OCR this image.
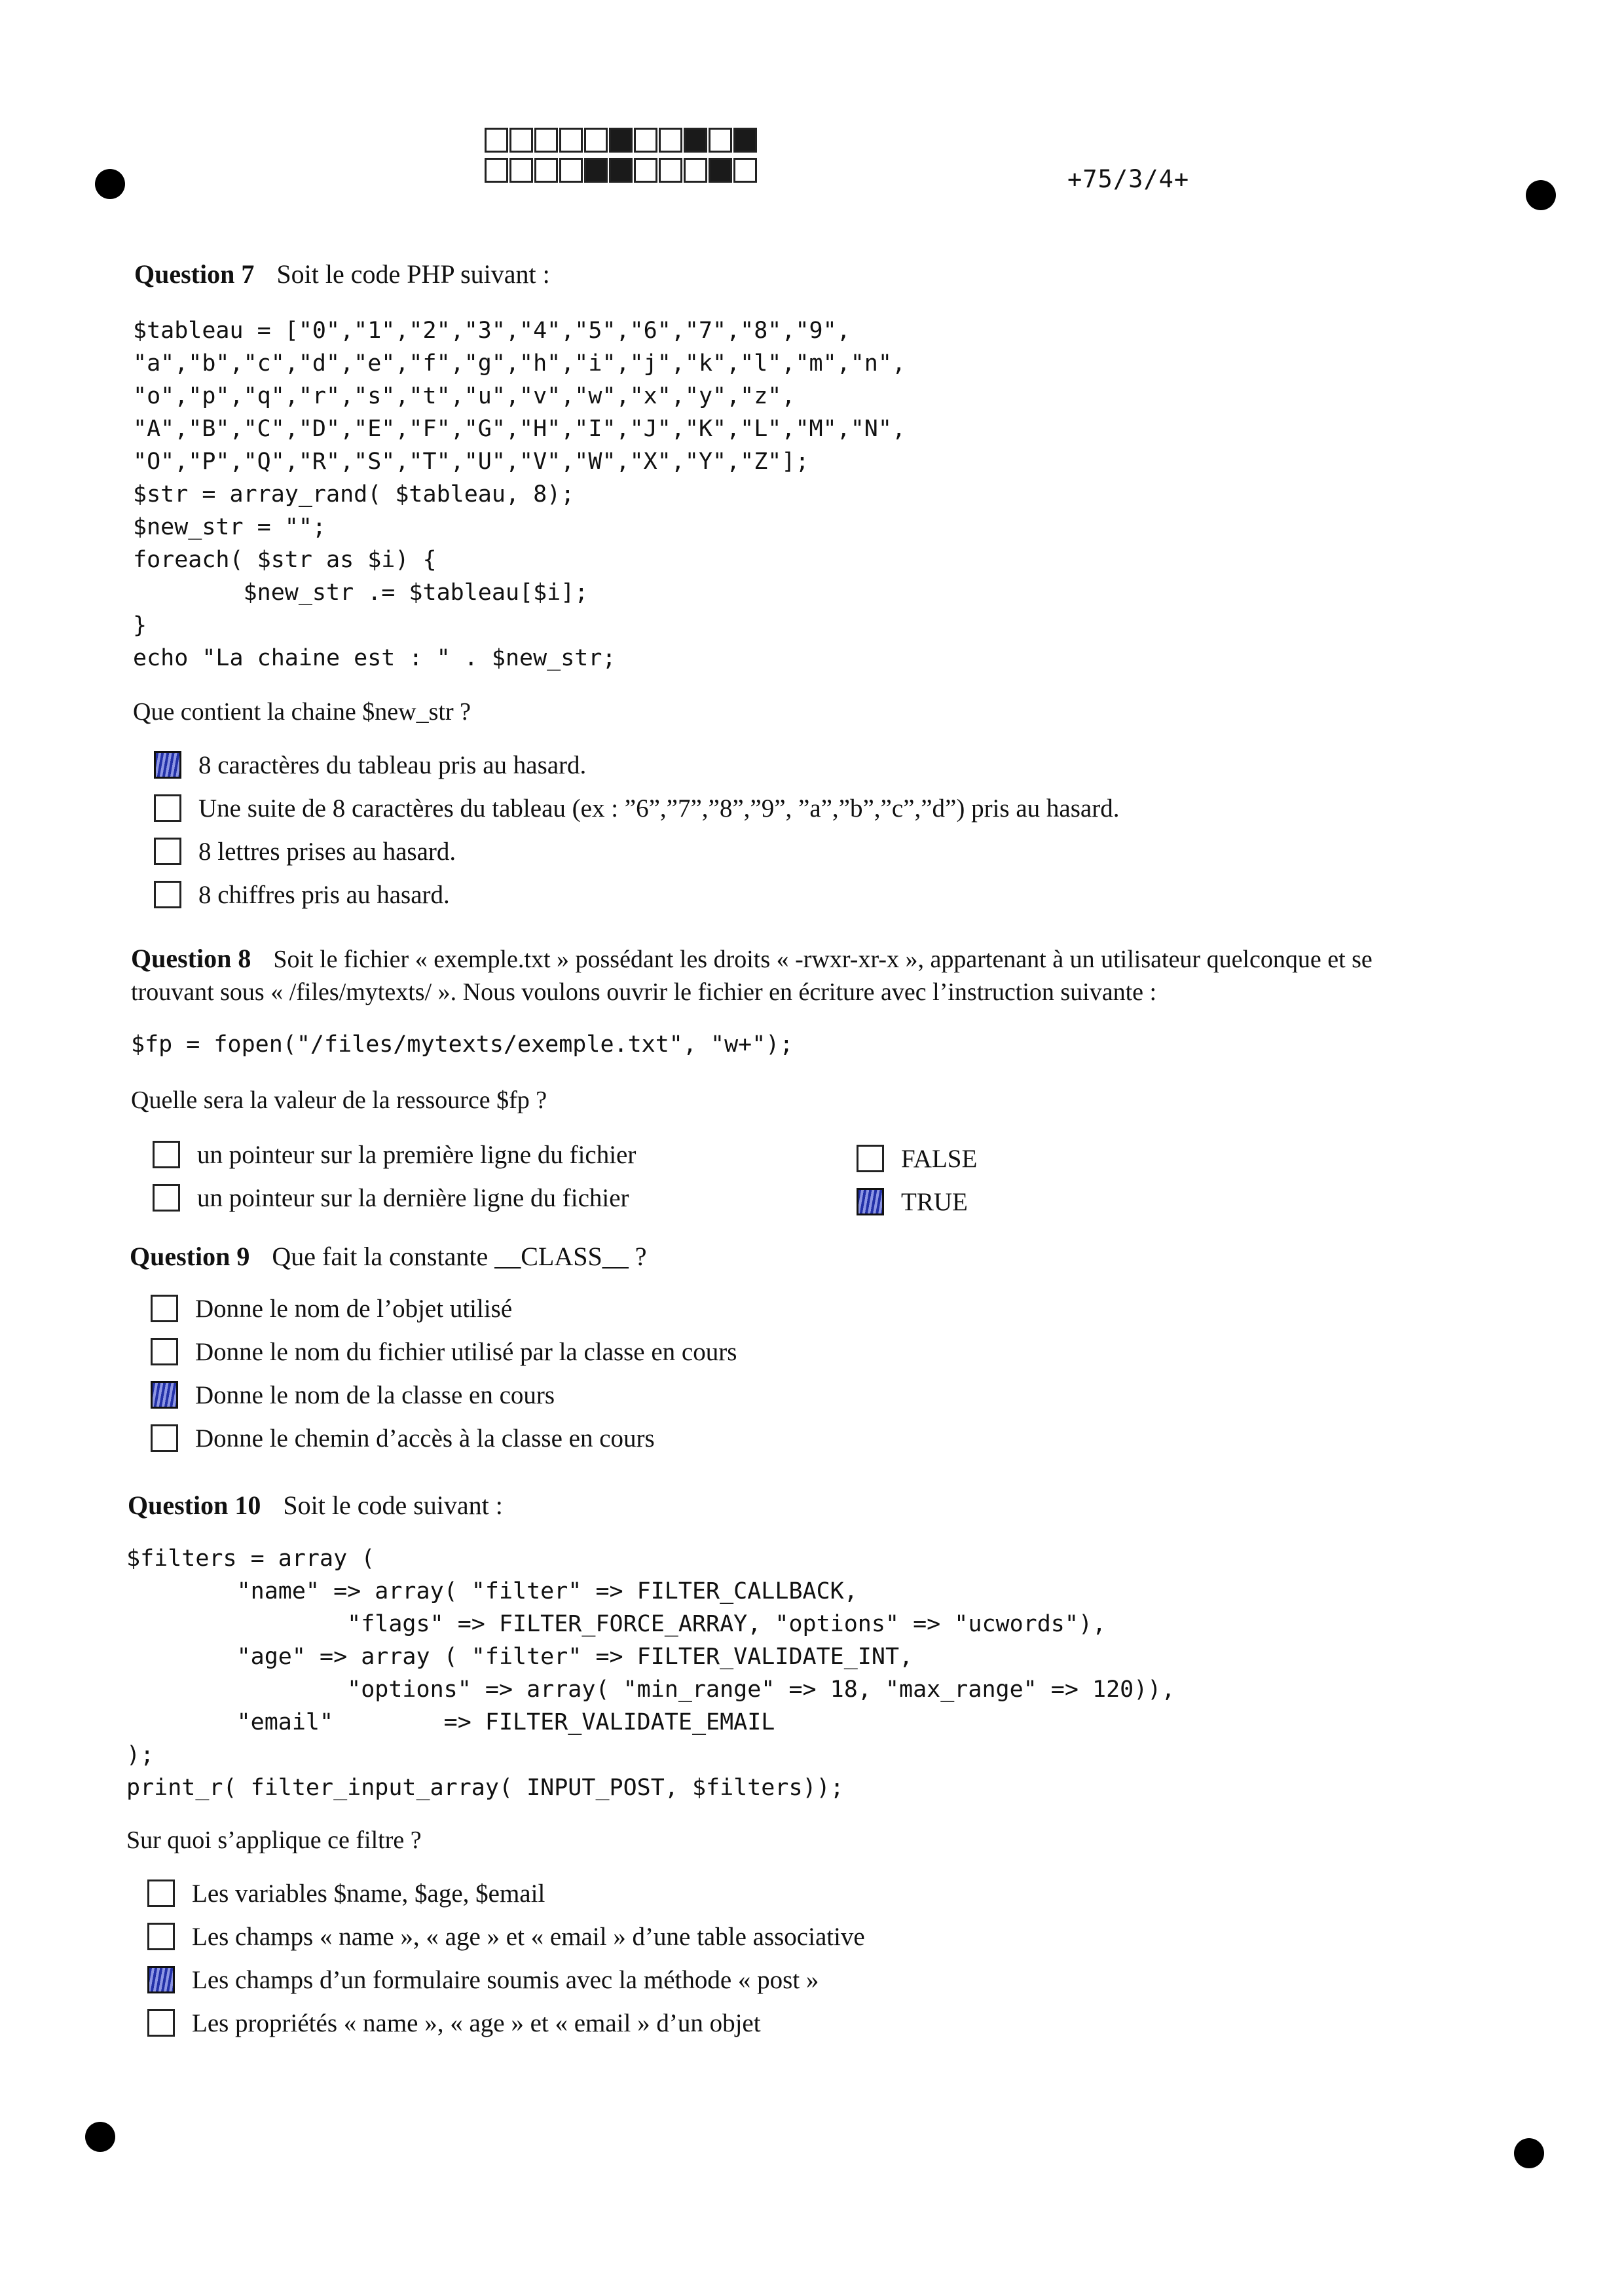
+75/3/4+
Question 7 Soit le code PHP suivant :
$tableau = ["0","1","2","3","4","5","6","7","8","9",
"a","b","c","d","e","f","g","h","i","j","k","l","m","n",
"o","p","q","r","s","t","u","v","w","x","y","z",
"A","B","C","D","E","F","G","H","I","J","K","L","M","N",
"O","P","Q","R","S","T","U","V","W","X","Y","Z"];
$str = array_rand( $tableau, 8);
$new_str = "";
foreach( $str as $i) {
$new_str .= $tableau[$i];
}
echo "La chaine est : " . $new_str;
Que contient la chaine $new_str ?
8 caractères du tableau pris au hasard.
Une suite de 8 caractères du tableau (ex : ”6”,”7”,”8”,”9”, ”a”,”b”,”c”,”d”) pris au hasard.
8 lettres prises au hasard.
8 chiffres pris au hasard.
Question 8 Soit le fichier « exemple.txt » possédant les droits « -rwxr-xr-x », appartenant à un utilisateur quelconque et se
trouvant sous « /files/mytexts/ ». Nous voulons ouvrir le fichier en écriture avec l’instruction suivante :
$fp = fopen("/files/mytexts/exemple.txt", "w+");
Quelle sera la valeur de la ressource $fp ?
un pointeur sur la première ligne du fichier
un pointeur sur la dernière ligne du fichier
FALSE
TRUE
Question 9 Que fait la constante __CLASS__ ?
Donne le nom de l’objet utilisé
Donne le nom du fichier utilisé par la classe en cours
Donne le nom de la classe en cours
Donne le chemin d’accès à la classe en cours
Question 10 Soit le code suivant :
$filters = array (
"name" => array( "filter" => FILTER_CALLBACK,
"flags" => FILTER_FORCE_ARRAY, "options" => "ucwords"),
"age" => array ( "filter" => FILTER_VALIDATE_INT,
"options" => array( "min_range" => 18, "max_range" => 120)),
"email"        => FILTER_VALIDATE_EMAIL
);
print_r( filter_input_array( INPUT_POST, $filters));
Sur quoi s’applique ce filtre ?
Les variables $name, $age, $email
Les champs « name », « age » et « email » d’une table associative
Les champs d’un formulaire soumis avec la méthode « post »
Les propriétés « name », « age » et « email » d’un objet
